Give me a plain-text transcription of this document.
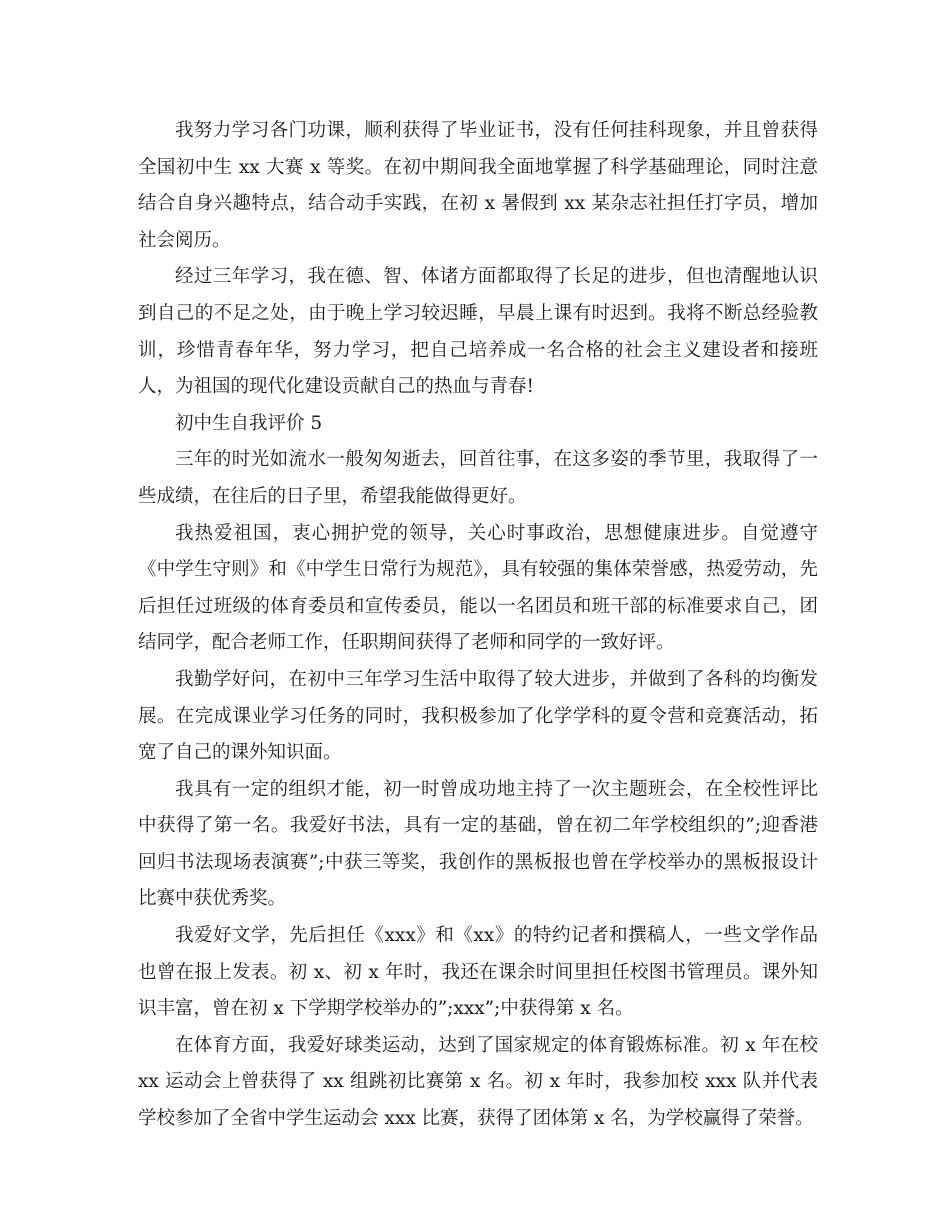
我努力学习各门功课，顺利获得了毕业证书，没有任何挂科现象，并且曾获得全国初中生 xx 大赛 x 等奖。在初中期间我全面地掌握了科学基础理论，同时注意结合自身兴趣特点，结合动手实践，在初 x 暑假到 xx 某杂志社担任打字员，增加社会阅历。

经过三年学习，我在德、智、体诸方面都取得了长足的进步，但也清醒地认识到自己的不足之处，由于晚上学习较迟睡，早晨上课有时迟到。我将不断总经验教训，珍惜青春年华，努力学习，把自己培养成一名合格的社会主义建设者和接班人，为祖国的现代化建设贡献自己的热血与青春!

初中生自我评价 5

三年的时光如流水一般匆匆逝去，回首往事，在这多姿的季节里，我取得了一些成绩，在往后的日子里，希望我能做得更好。

我热爱祖国，衷心拥护党的领导，关心时事政治，思想健康进步。自觉遵守《中学生守则》和《中学生日常行为规范》，具有较强的集体荣誉感，热爱劳动，先后担任过班级的体育委员和宣传委员，能以一名团员和班干部的标准要求自己，团结同学，配合老师工作，任职期间获得了老师和同学的一致好评。

我勤学好问，在初中三年学习生活中取得了较大进步，并做到了各科的均衡发展。在完成课业学习任务的同时，我积极参加了化学学科的夏令营和竞赛活动，拓宽了自己的课外知识面。

我具有一定的组织才能，初一时曾成功地主持了一次主题班会，在全校性评比中获得了第一名。我爱好书法，具有一定的基础，曾在初二年学校组织的”;迎香港回归书法现场表演赛”;中获三等奖，我创作的黑板报也曾在学校举办的黑板报设计比赛中获优秀奖。

我爱好文学，先后担任《xxx》和《xx》的特约记者和撰稿人，一些文学作品也曾在报上发表。初 x、初 x 年时，我还在课余时间里担任校图书管理员。课外知识丰富，曾在初 x 下学期学校举办的”;xxx”;中获得第 x 名。

在体育方面，我爱好球类运动，达到了国家规定的体育锻炼标准。初 x 年在校xx 运动会上曾获得了 xx 组跳初比赛第 x 名。初 x 年时，我参加校 xxx 队并代表学校参加了全省中学生运动会 xxx 比赛，获得了团体第 x 名，为学校赢得了荣誉。
